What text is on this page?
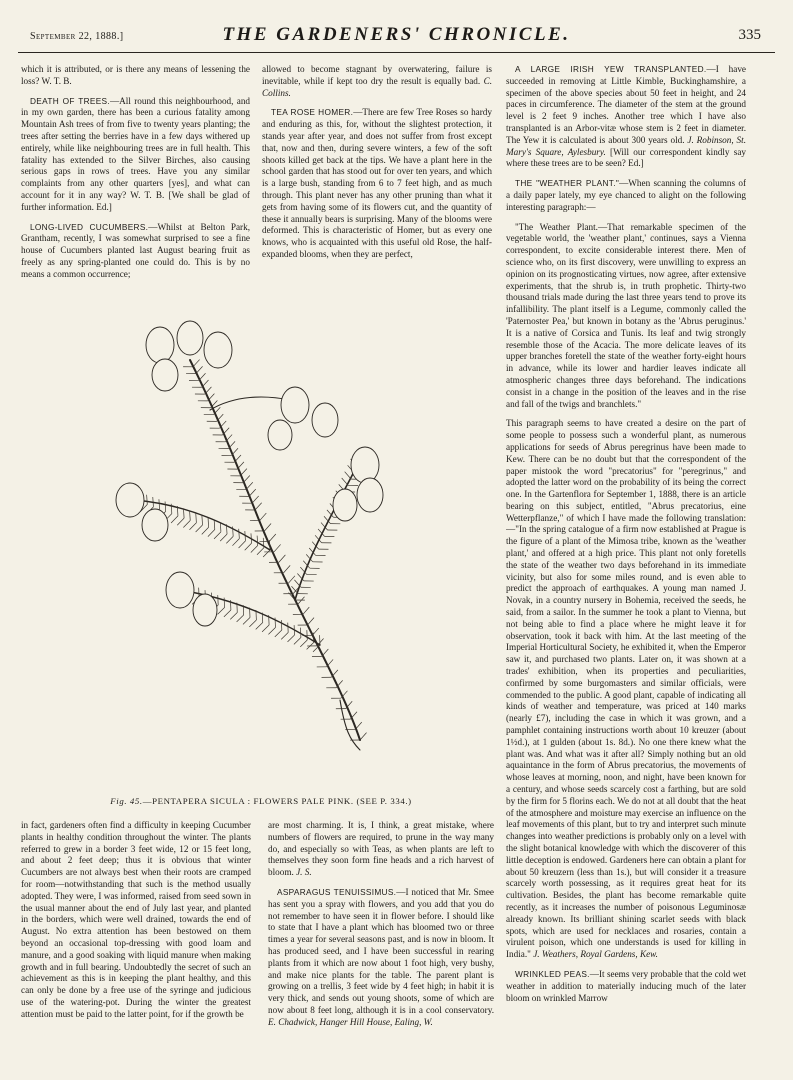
September 22, 1888.]	THE GARDENERS' CHRONICLE.	335

which it is attributed, or is there any means of lessening the loss? W. T. B.

DEATH OF TREES.—All round this neighbourhood, and in my own garden, there has been a curious fatality among Mountain Ash trees of from five to twenty years planting; the trees after setting the berries have in a few days withered up entirely, while like neighbouring trees are in full health. This fatality has extended to the Silver Birches, also causing serious gaps in rows of trees. Have you any similar complaints from any other quarters [yes], and what can account for it in any way? W. T. B. [We shall be glad of further information. Ed.]

LONG-LIVED CUCUMBERS.—Whilst at Belton Park, Grantham, recently, I was somewhat surprised to see a fine house of Cucumbers planted last August bearing fruit as freely as any spring-planted one could do. This is by no means a common occurrence;

allowed to become stagnant by overwatering, failure is inevitable, while if kept too dry the result is equally bad. C. Collins.

TEA ROSE HOMER.—There are few Tree Roses so hardy and enduring as this, for, without the slightest protection, it stands year after year, and does not suffer from frost except that, now and then, during severe winters, a few of the soft shoots killed get back at the tips. We have a plant here in the school garden that has stood out for over ten years, and which is a large bush, standing from 6 to 7 feet high, and as much through. This plant never has any other pruning than what it gets from having some of its flowers cut, and the quantity of these it annually bears is surprising. Many of the blooms were deformed. This is characteristic of Homer, but as every one knows, who is acquainted with this useful old Rose, the half-expanded blooms, when they are perfect,

A LARGE IRISH YEW TRANSPLANTED.—I have succeeded in removing at Little Kimble, Buckinghamshire, a specimen of the above species about 50 feet in height, and 24 paces in circumference. The diameter of the stem at the ground level is 2 feet 9 inches. Another tree which I have also transplanted is an Arbor-vitæ whose stem is 2 feet in diameter. The Yew it is calculated is about 300 years old. J. Robinson, St. Mary's Square, Aylesbury. [Will our correspondent kindly say where these trees are to be seen? Ed.]

THE "WEATHER PLANT."—When scanning the columns of a daily paper lately, my eye chanced to alight on the following interesting paragraph:—

"The Weather Plant.—That remarkable specimen of the vegetable world, the 'weather plant,' continues, says a Vienna correspondent, to excite considerable interest there. Men of science who, on its first discovery, were unwilling to express an opinion on its prognosticating virtues, now agree, after extensive experiments, that the shrub is, in truth prophetic. Thirty-two thousand trials made during the last three years tend to prove its infallibility. The plant itself is a Legume, commonly called the 'Paternoster Pea,' but known in botany as the 'Abrus peruginus.' It is a native of Corsica and Tunis. Its leaf and twig strongly resemble those of the Acacia. The more delicate leaves of its upper branches foretell the state of the weather forty-eight hours in advance, while its lower and hardier leaves indicate all atmospheric changes three days beforehand. The indications consist in a change in the position of the leaves and in the rise and fall of the twigs and branchlets."

This paragraph seems to have created a desire on the part of some people to possess such a wonderful plant, as numerous applications for seeds of Abrus peregrinus have been made to Kew. There can be no doubt but that the correspondent of the paper mistook the word "precatorius" for "peregrinus," and adopted the latter word on the probability of its being the correct one. In the Gartenflora for September 1, 1888, there is an article bearing on this subject, entitled, "Abrus precatorius, eine Wetterpflanze," of which I have made the following translation:—"In the spring catalogue of a firm now established at Prague is the figure of a plant of the Mimosa tribe, known as the 'weather plant,' and offered at a high price. This plant not only foretells the state of the weather two days beforehand in its immediate vicinity, but also for some miles round, and is even able to predict the approach of earthquakes. A young man named J. Novak, in a country nursery in Bohemia, received the seeds, he said, from a sailor. In the summer he took a plant to Vienna, but not being able to find a place where he might leave it for observation, took it back with him. At the last meeting of the Imperial Horticultural Society, he exhibited it, when the Emperor saw it, and purchased two plants. Later on, it was shown at a trades' exhibition, when its properties and peculiarities, confirmed by some burgomasters and similar officials, were commended to the public. A good plant, capable of indicating all kinds of weather and temperature, was priced at 140 marks (nearly £7), including the case in which it was grown, and a pamphlet containing instructions worth about 10 kreuzer (about 1½d.), at 1 gulden (about 1s. 8d.). No one there knew what the plant was. And what was it after all? Simply nothing but an old aquaintance in the form of Abrus precatorius, the movements of whose leaves at morning, noon, and night, have been known for a century, and whose seeds scarcely cost a farthing, but are sold by the firm for 5 florins each. We do not at all doubt that the heat of the atmosphere and moisture may exercise an influence on the leaf movements of this plant, but to try and interpret such minute changes into weather predictions is probably only on a level with the slight botanical knowledge with which the discoverer of this little deception is endowed. Gardeners here can obtain a plant for about 50 kreuzern (less than 1s.), but will consider it a treasure scarcely worth possessing, as it requires great heat for its cultivation. Besides, the plant has become remarkable quite recently, as it increases the number of poisonous Leguminosæ already known. Its brilliant shining scarlet seeds with black spots, which are used for necklaces and rosaries, contain a virulent poison, which one understands is used for killing in India." J. Weathers, Royal Gardens, Kew.

WRINKLED PEAS.—It seems very probable that the cold wet weather in addition to materially inducing much of the later bloom on wrinkled Marrow

Fig. 45.—PENTAPERA SICULA : FLOWERS PALE PINK. (SEE P. 334.)

in fact, gardeners often find a difficulty in keeping Cucumber plants in healthy condition throughout the winter. The plants referred to grew in a border 3 feet wide, 12 or 15 feet long, and about 2 feet deep; thus it is obvious that winter Cucumbers are not always best when their roots are cramped for room—notwithstanding that such is the method usually adopted. They were, I was informed, raised from seed sown in the usual manner about the end of July last year, and planted in the borders, which were well drained, towards the end of August. No extra attention has been bestowed on them beyond an occasional top-dressing with good loam and manure, and a good soaking with liquid manure when making growth and in full bearing. Undoubtedly the secret of such an achievement as this is in keeping the plant healthy, and this can only be done by a free use of the syringe and judicious use of the watering-pot. During the winter the greatest attention must be paid to the latter point, for if the growth be

are most charming. It is, I think, a great mistake, where numbers of flowers are required, to prune in the way many do, and especially so with Teas, as when plants are left to themselves they soon form fine heads and a rich harvest of bloom. J. S.

ASPARAGUS TENUISSIMUS.—I noticed that Mr. Smee has sent you a spray with flowers, and you add that you do not remember to have seen it in flower before. I should like to state that I have a plant which has bloomed two or three times a year for several seasons past, and is now in bloom. It has produced seed, and I have been successful in rearing plants from it which are now about 1 foot high, very bushy, and make nice plants for the table. The parent plant is growing on a trellis, 3 feet wide by 4 feet high; in habit it is very thick, and sends out young shoots, some of which are now about 8 feet long, although it is in a cool conservatory. E. Chadwick, Hanger Hill House, Ealing, W.
